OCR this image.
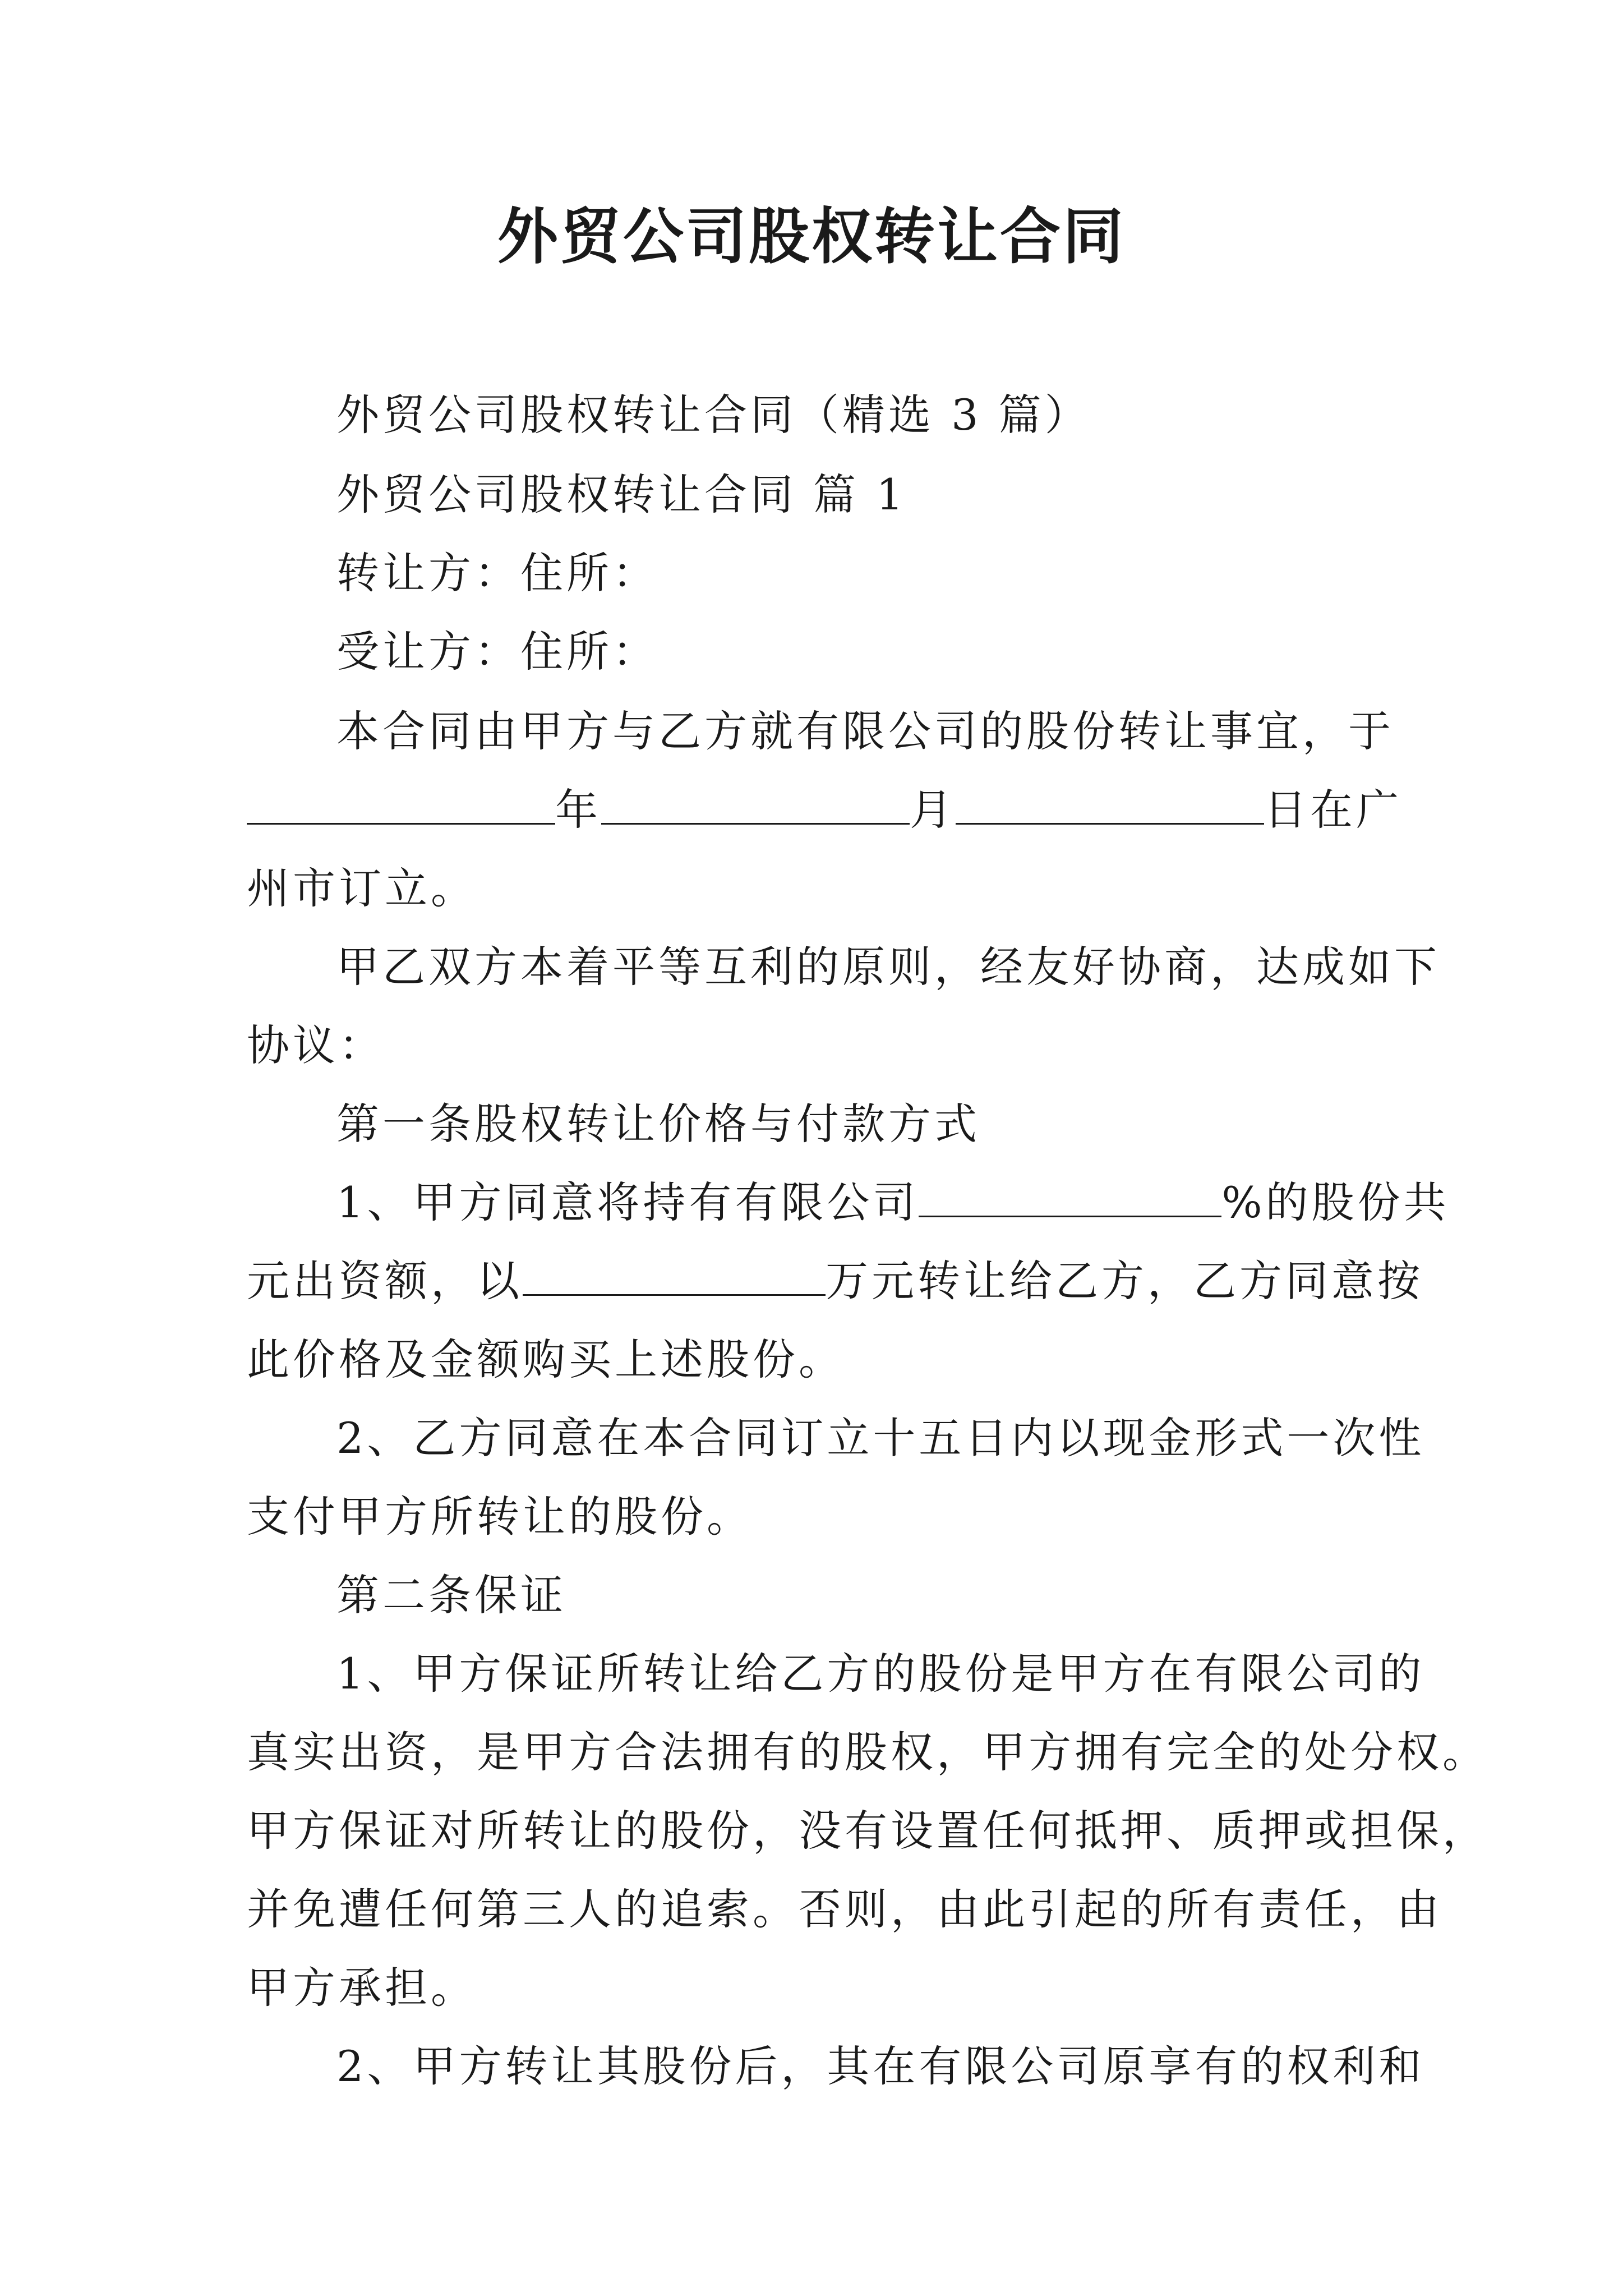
外贸公司股权转让合同
外贸公司股权转让合同（精选 3 篇）
外贸公司股权转让合同 篇 1
转让方：住所：
受让方：住所：
本合同由甲方与乙方就有限公司的股份转让事宜，于
年	月	日在广
州市订立。
甲乙双方本着平等互利的原则，经友好协商，达成如下
协议：
第一条股权转让价格与付款方式
1、甲方同意将持有有限公司	%的股份共
元出资额，以	万元转让给乙方，乙方同意按
此价格及金额购买上述股份。
2、乙方同意在本合同订立十五日内以现金形式一次性
支付甲方所转让的股份。
第二条保证
1、甲方保证所转让给乙方的股份是甲方在有限公司的
真实出资，是甲方合法拥有的股权，甲方拥有完全的处分权。
甲方保证对所转让的股份，没有设置任何抵押、质押或担保，
并免遭任何第三人的追索。否则，由此引起的所有责任，由
甲方承担。
2、甲方转让其股份后，其在有限公司原享有的权利和
